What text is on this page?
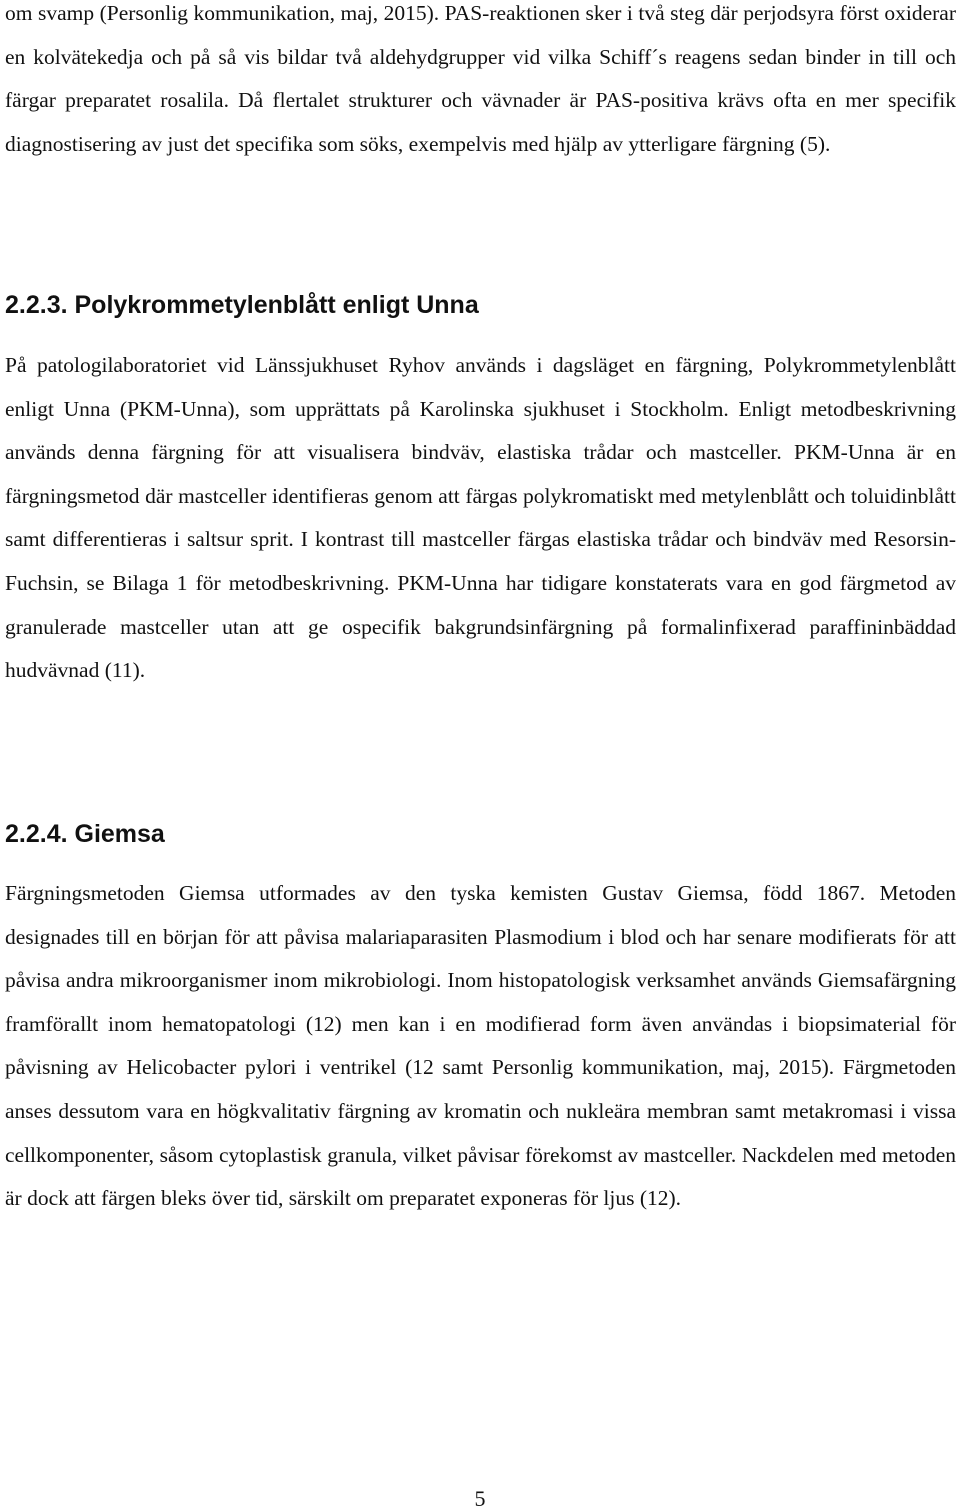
om svamp (Personlig kommunikation, maj, 2015). PAS-reaktionen sker i två steg där perjodsyra först oxiderar en kolvätekedja och på så vis bildar två aldehydgrupper vid vilka Schiff´s reagens sedan binder in till och färgar preparatet rosalila. Då flertalet strukturer och vävnader är PAS-positiva krävs ofta en mer specifik diagnostisering av just det specifika som söks, exempelvis med hjälp av ytterligare färgning (5).

2.2.3. Polykrommetylenblått enligt Unna

På patologilaboratoriet vid Länssjukhuset Ryhov används i dagsläget en färgning, Polykrommetylenblått enligt Unna (PKM-Unna), som upprättats på Karolinska sjukhuset i Stockholm. Enligt metodbeskrivning används denna färgning för att visualisera bindväv, elastiska trådar och mastceller. PKM-Unna är en färgningsmetod där mastceller identifieras genom att färgas polykromatiskt med metylenblått och toluidinblått samt differentieras i saltsur sprit. I kontrast till mastceller färgas elastiska trådar och bindväv med Resorsin-Fuchsin, se Bilaga 1 för metodbeskrivning. PKM-Unna har tidigare konstaterats vara en god färgmetod av granulerade mastceller utan att ge ospecifik bakgrundsinfärgning på formalinfixerad paraffininbäddad hudvävnad (11).

2.2.4. Giemsa

Färgningsmetoden Giemsa utformades av den tyska kemisten Gustav Giemsa, född 1867. Metoden designades till en början för att påvisa malariaparasiten Plasmodium i blod och har senare modifierats för att påvisa andra mikroorganismer inom mikrobiologi. Inom histopatologisk verksamhet används Giemsafärgning framförallt inom hematopatologi (12) men kan i en modifierad form även användas i biopsimaterial för påvisning av Helicobacter pylori i ventrikel (12 samt Personlig kommunikation, maj, 2015). Färgmetoden anses dessutom vara en högkvalitativ färgning av kromatin och nukleära membran samt metakromasi i vissa cellkomponenter, såsom cytoplastisk granula, vilket påvisar förekomst av mastceller. Nackdelen med metoden är dock att färgen bleks över tid, särskilt om preparatet exponeras för ljus (12).

5
